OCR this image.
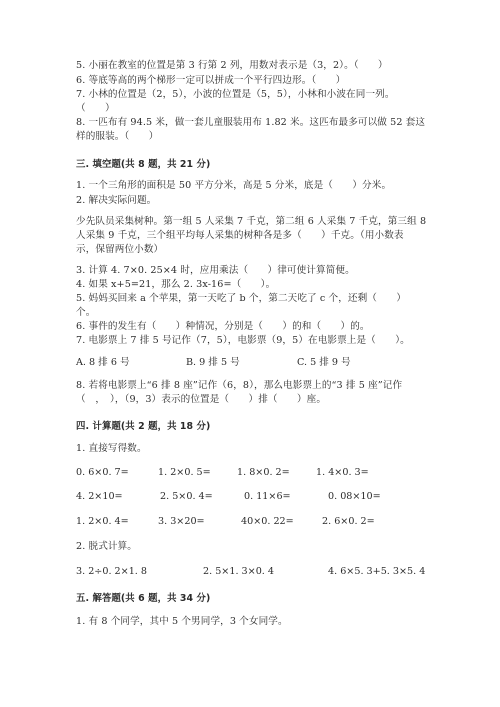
5. 小丽在教室的位置是第 3 行第 2 列，用数对表示是（3，2）。（　　）

6. 等底等高的两个梯形一定可以拼成一个平行四边形。（　　）

7. 小林的位置是（2，5），小波的位置是（5，5），小林和小波在同一列。

（　　）

8. 一匹布有 94.5 米，做一套儿童服装用布 1.82 米。这匹布最多可以做 52 套这

样的服装。（　　）

三. 填空题(共 8 题，共 21 分)

1. 一个三角形的面积是 50 平方分米，高是 5 分米，底是（　　）分米。

2. 解决实际问题。

少先队员采集树种。第一组 5 人采集 7 千克，第二组 6 人采集 7 千克，第三组 8

人采集 9 千克，三个组平均每人采集的树种各是多（　　）千克。（用小数表

示，保留两位小数）

3. 计算 4. 7×0. 25×4 时，应用乘法（　　）律可使计算简便。

4. 如果 x+5=21，那么 2. 3x-16=（　　）。

5. 妈妈买回来 a 个苹果，第一天吃了 b 个，第二天吃了 c 个，还剩（　　）

个。

6. 事件的发生有（　　）种情况，分别是（　　）的和（　　）的。

7. 电影票上 7 排 5 号记作（7，5），电影票（9，5）在电影票上是（　　）。

A. 8 排 6 号	B. 9 排 5 号	C. 5 排 9 号

8. 若将电影票上“6 排 8 座”记作（6，8），那么电影票上的“3 排 5 座”记作

（　，　），（9，3）表示的位置是（　　）排（　　）座。

四. 计算题(共 2 题，共 18 分)

1. 直接写得数。

0. 6×0. 7=	1. 2×0. 5=	1. 8×0. 2=	1. 4×0. 3=

4. 2×10=	2. 5×0. 4=	0. 11×6=	0. 08×10=

1. 2×0. 4=	3. 3×20=	40×0. 22=	2. 6×0. 2=

2. 脱式计算。

3. 2÷0. 2×1. 8	2. 5×1. 3×0. 4	4. 6×5. 3+5. 3×5. 4

五. 解答题(共 6 题，共 34 分)

1. 有 8 个同学，其中 5 个男同学，3 个女同学。
